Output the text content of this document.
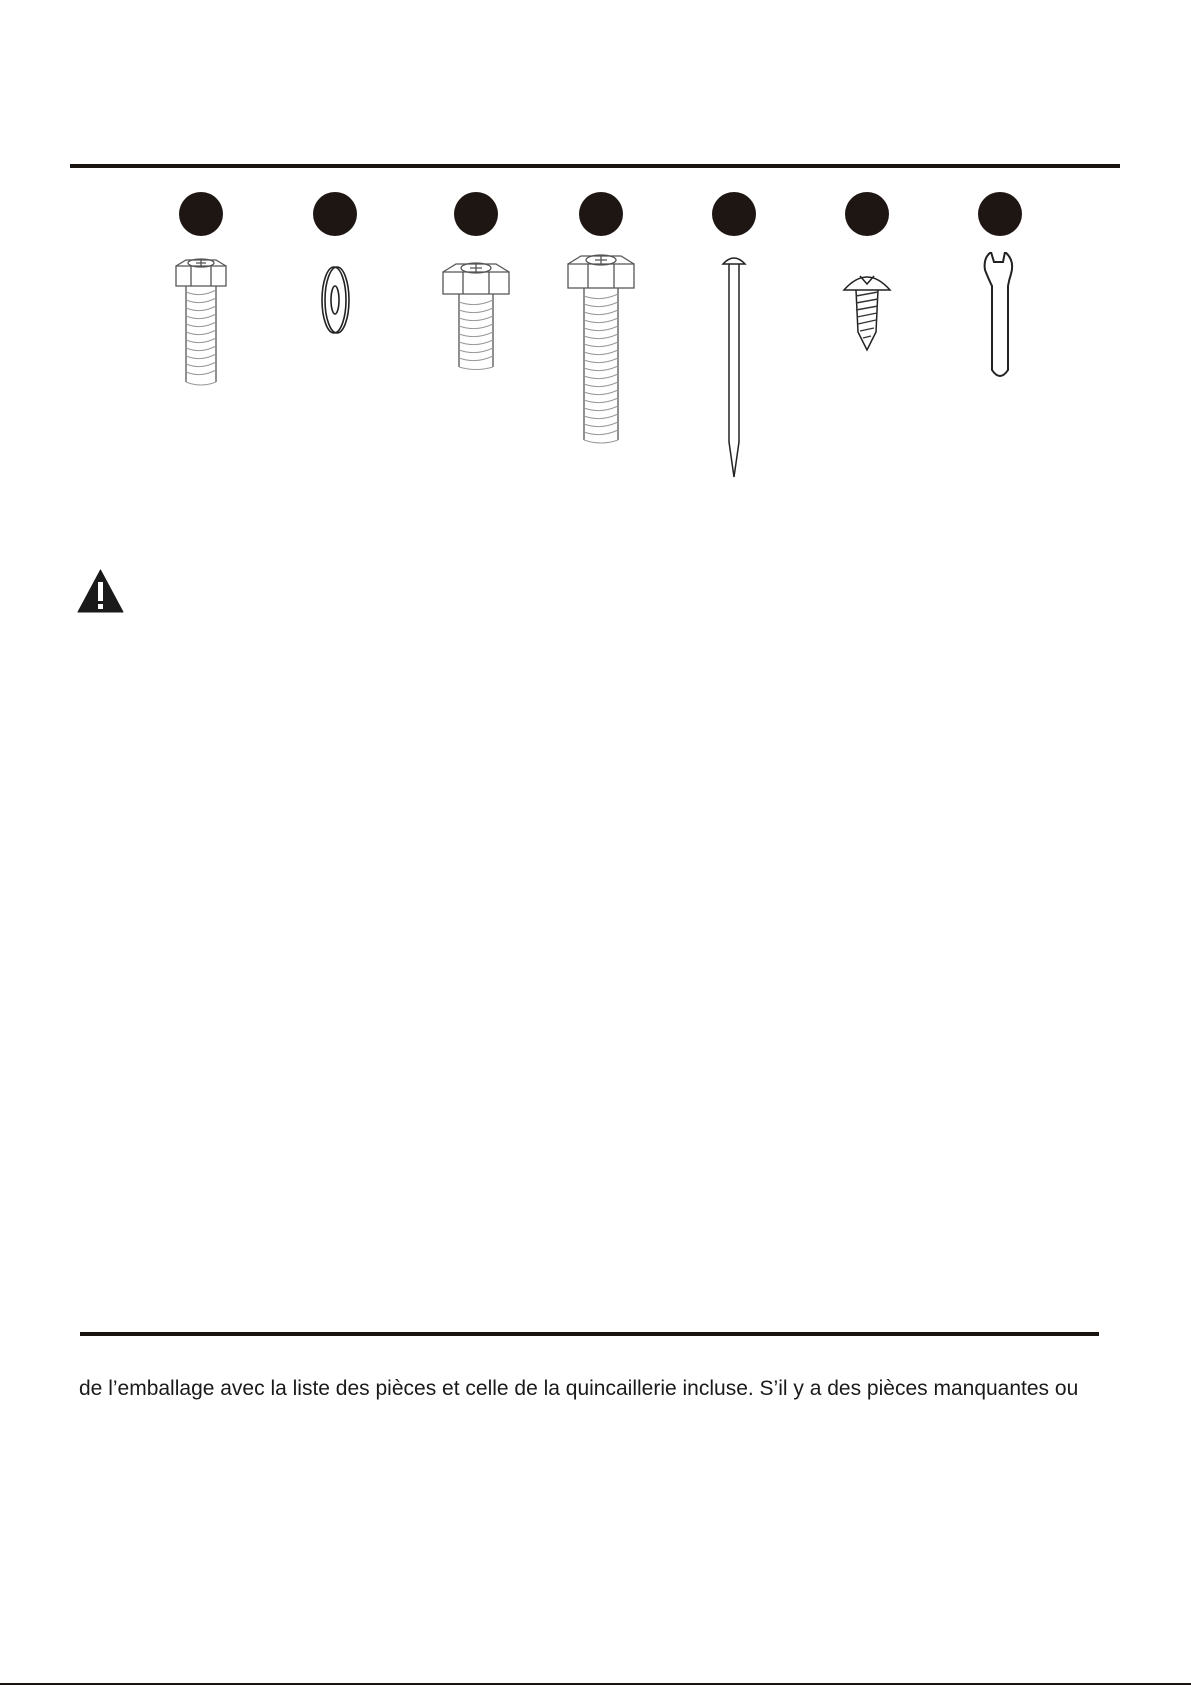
de l’emballage avec la liste des pièces et celle de la quincaillerie incluse. S’il y a des pièces manquantes ou
